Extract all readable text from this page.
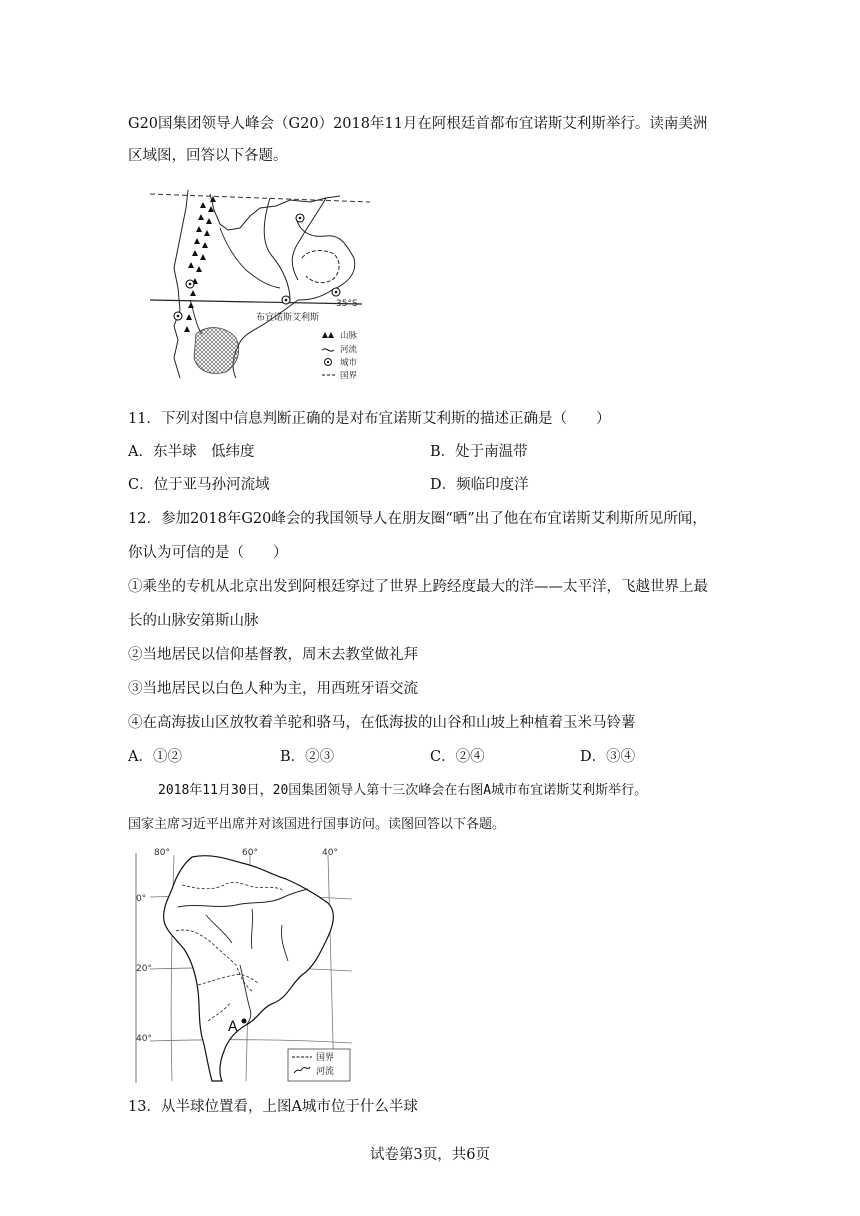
G20国集团领导人峰会（G20）2018年11月在阿根廷首都布宜诺斯艾利斯举行。读南美洲
区域图，回答以下各题。
35°S
布宜诺斯艾利斯
山脉
河流
城市
国界
11．下列对图中信息判断正确的是对布宜诺斯艾利斯的描述正确是（　　）
A．东半球　低纬度	B．处于南温带
C．位于亚马孙河流域	D．频临印度洋
12．参加2018年G20峰会的我国领导人在朋友圈“晒”出了他在布宜诺斯艾利斯所见所闻，
你认为可信的是（　　）
①乘坐的专机从北京出发到阿根廷穿过了世界上跨经度最大的洋——太平洋，飞越世界上最
长的山脉安第斯山脉
②当地居民以信仰基督教，周末去教堂做礼拜
③当地居民以白色人种为主，用西班牙语交流
④在高海拔山区放牧着羊驼和骆马，在低海拔的山谷和山坡上种植着玉米马铃薯
A．①②	B．②③	C．②④	D．③④
2018年11月30日，20国集团领导人第十三次峰会在右图A城市布宜诺斯艾利斯举行。
国家主席习近平出席并对该国进行国事访问。读图回答以下各题。
A
80°	60°	40°
0°
20°
40°
国界
河流
13．从半球位置看，上图A城市位于什么半球
试卷第3页，共6页
